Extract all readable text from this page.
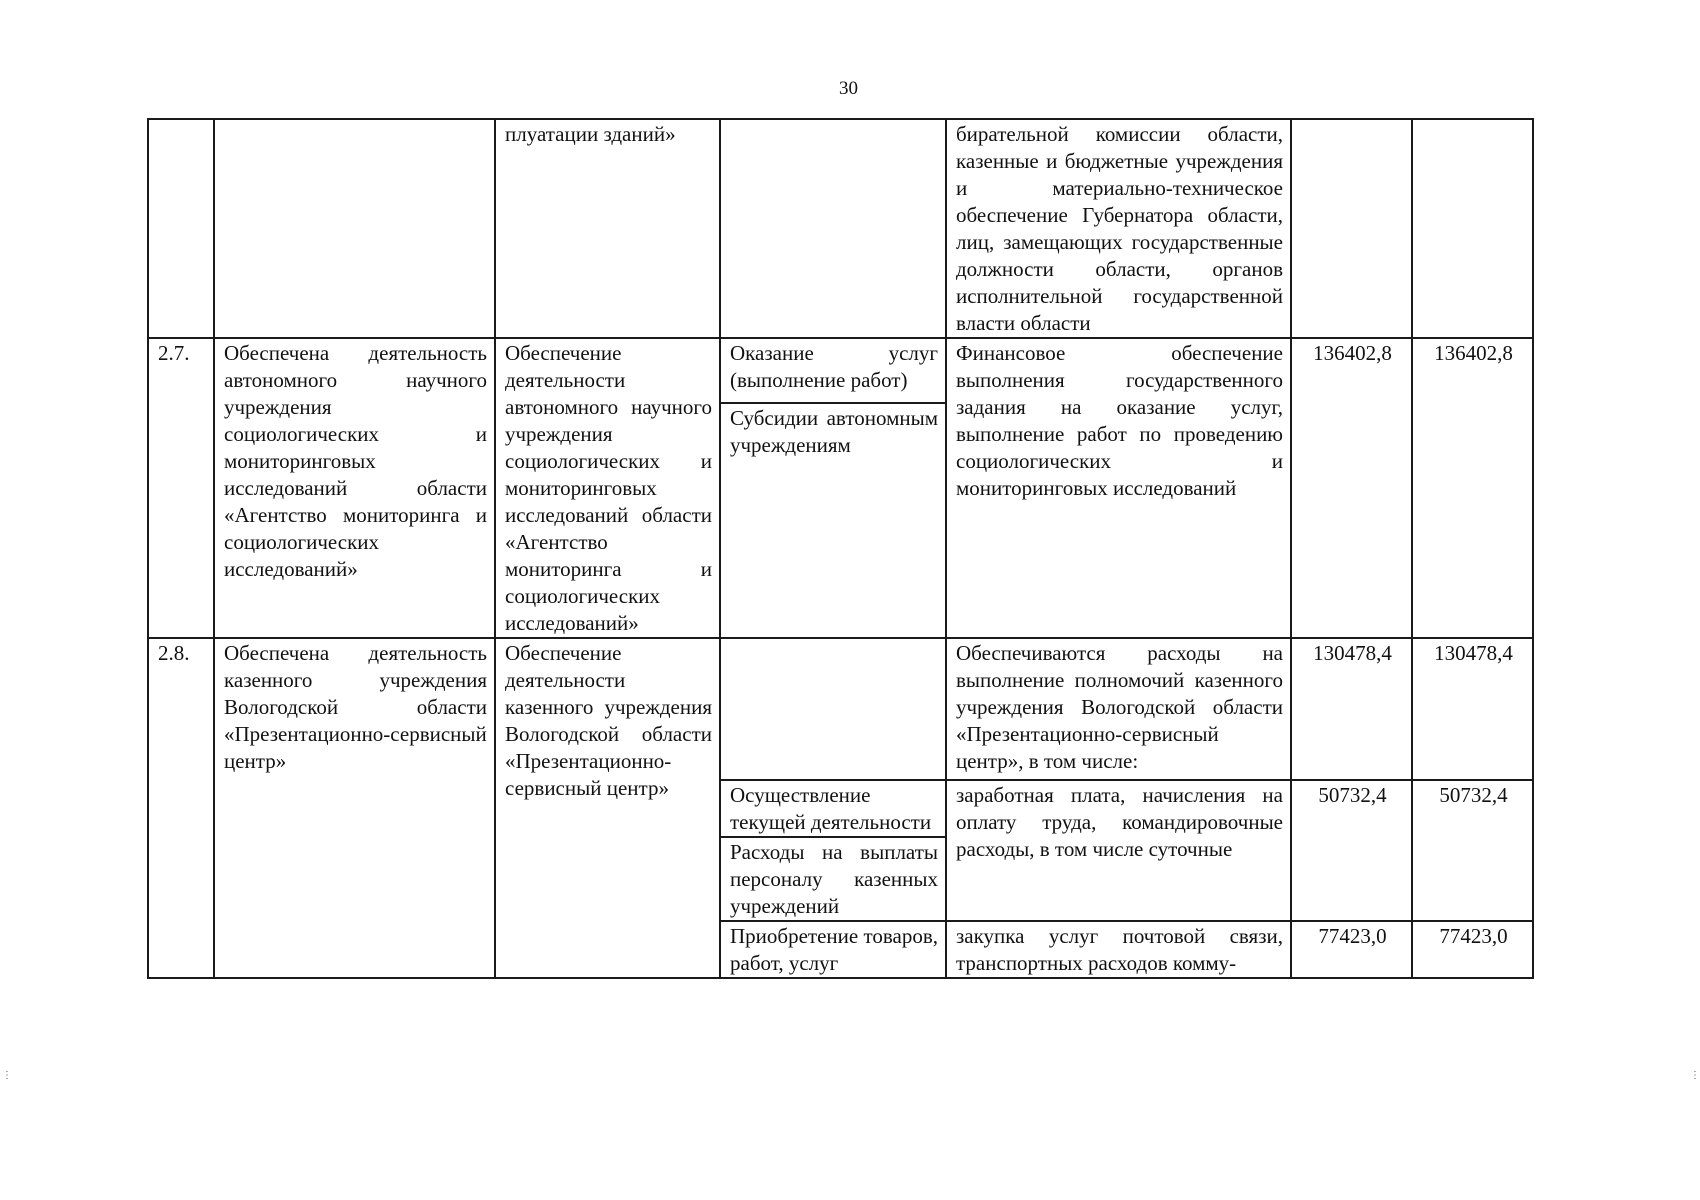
30
		плуатации зданий»		бирательной комиссии области, казенные и бюджетные учреждения и материально-техническое обеспечение Губернатора области, лиц, замещающих государственные должности области, органов исполнительной государственной власти области		
2.7.	Обеспечена деятельность автономного научного учреждения социологических и мониторинговых исследований области «Агентство мониторинга и социологических исследований»	Обеспечение деятельности автономного научного учреждения социологических и мониторинговых исследований области «Агентство мониторинга и социологических исследований»	Оказание услуг (выполнение работ)	Финансовое обеспечение выполнения государственного задания на оказание услуг, выполнение работ по проведению социологических и мониторинговых исследований	136402,8	136402,8
			Субсидии автономным учреждениям			
2.8.	Обеспечена деятельность казенного учреждения Вологодской области «Презентационно-сервисный центр»	Обеспечение деятельности казенного учреждения Вологодской области «Презентационно-сервисный центр»		Обеспечиваются расходы на выполнение полномочий казенного учреждения Вологодской области «Презентационно-сервисный центр», в том числе:	130478,4	130478,4
			Осуществление текущей деятельности	заработная плата, начисления на оплату труда, командировочные расходы, в том числе суточные	50732,4	50732,4
			Расходы на выплаты персоналу казенных учреждений			
			Приобретение товаров, работ, услуг	закупка услуг почтовой связи, транспортных расходов комму-	77423,0	77423,0
⋮	⋮
